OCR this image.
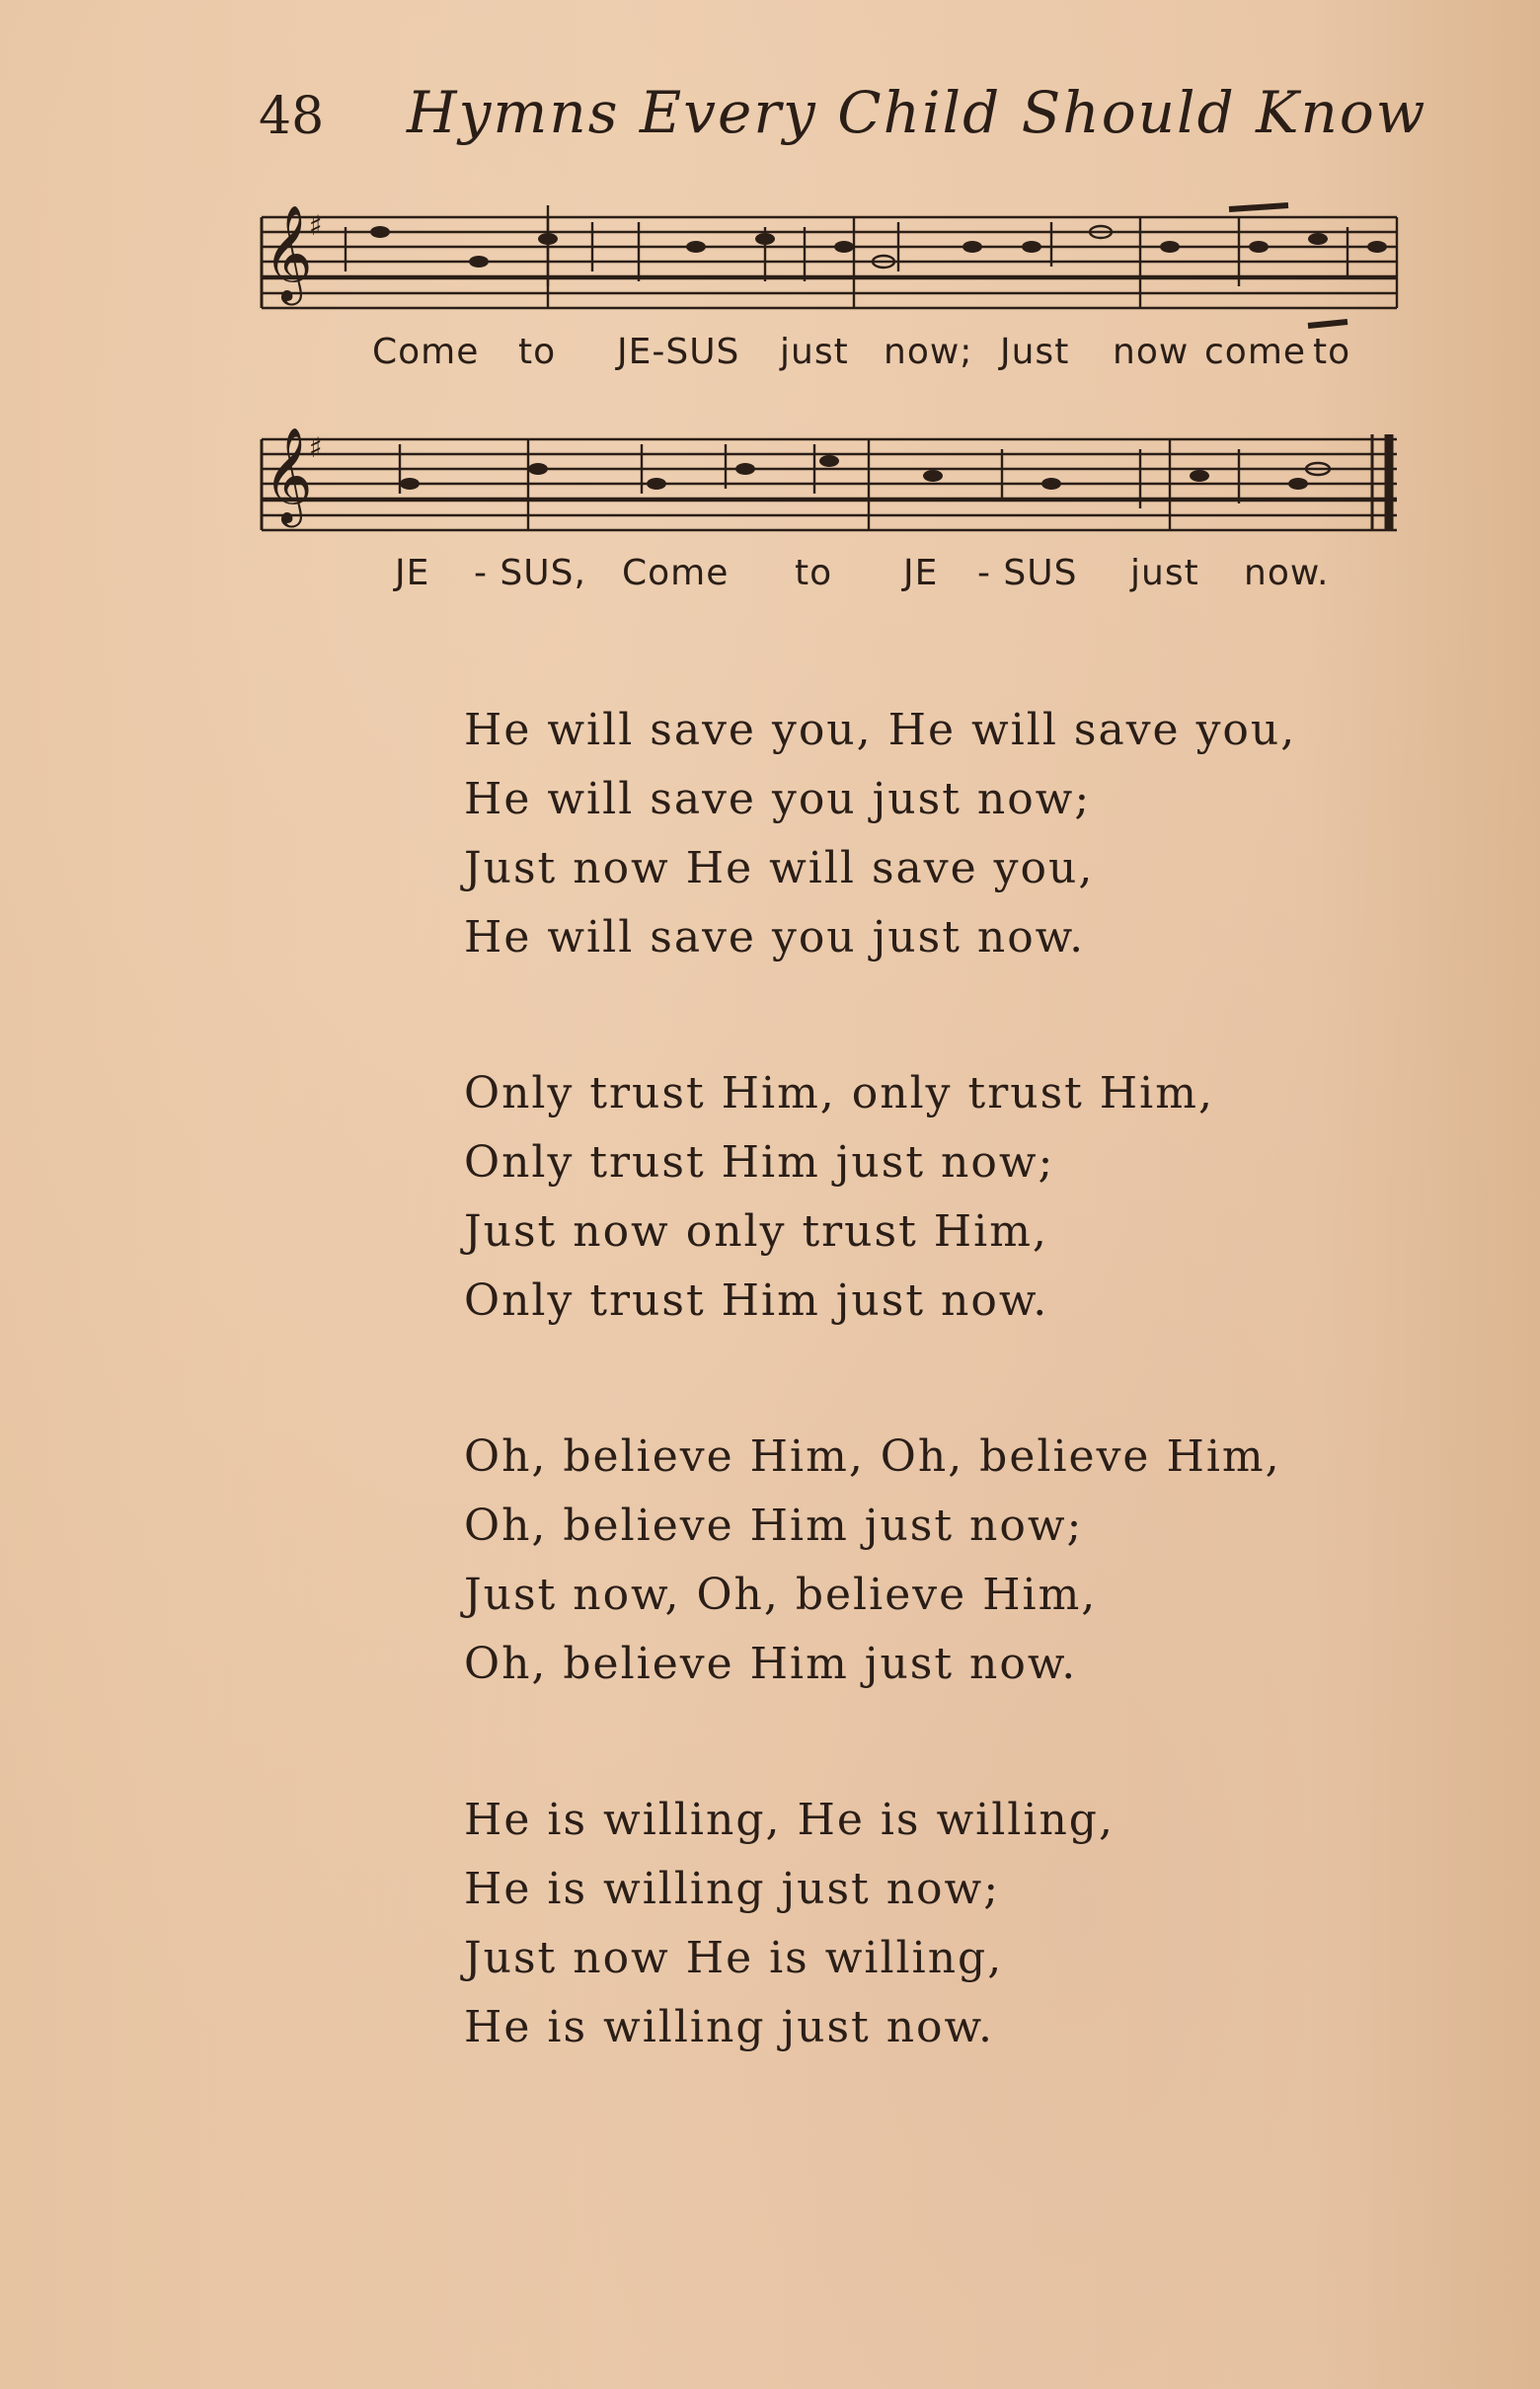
48 Hymns Every Child Should Know
𝄞
♯
Come to JE-SUS just now; Just now come to
𝄞
♯
JE - SUS, Come to JE - SUS just now.
He will save you, He will save you,
He will save you just now;
Just now He will save you,
He will save you just now.
Only trust Him, only trust Him,
Only trust Him just now;
Just now only trust Him,
Only trust Him just now.
Oh, believe Him, Oh, believe Him,
Oh, believe Him just now;
Just now, Oh, believe Him,
Oh, believe Him just now.
He is willing, He is willing,
He is willing just now;
Just now He is willing,
He is willing just now.
